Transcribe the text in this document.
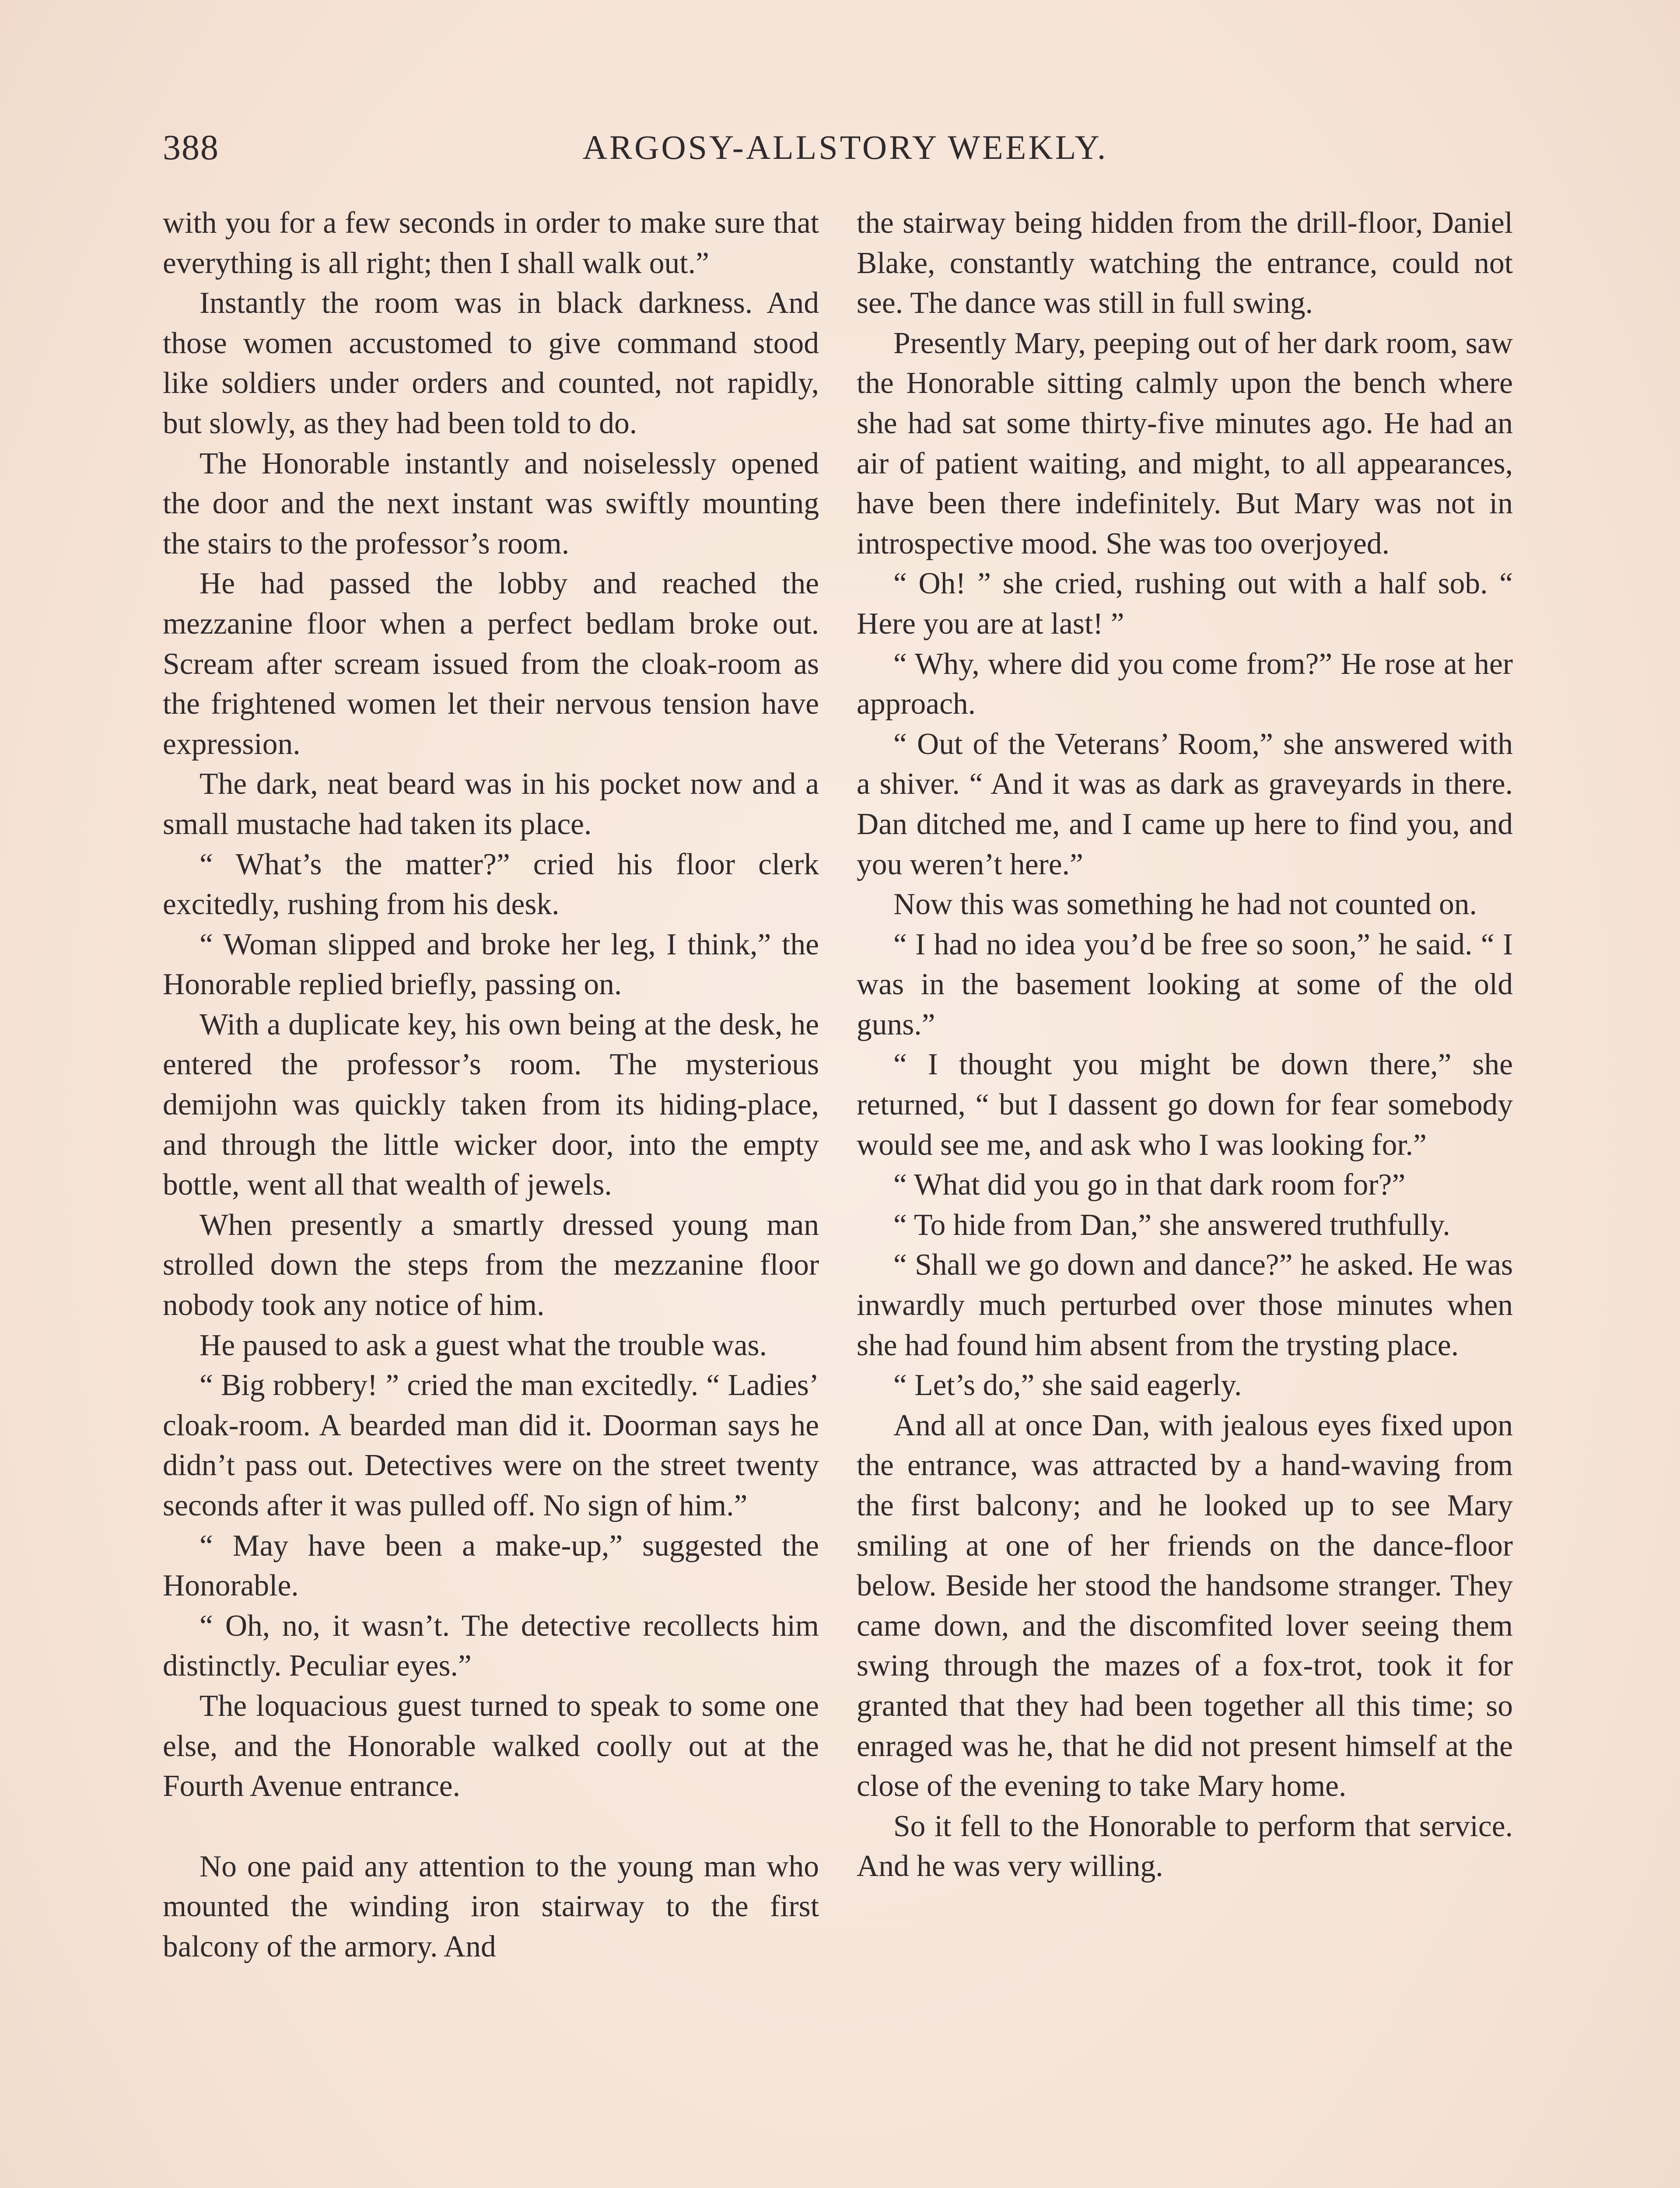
388	ARGOSY-ALLSTORY WEEKLY.

with you for a few seconds in order to make sure that everything is all right; then I shall walk out.”

Instantly the room was in black darkness. And those women accustomed to give command stood like soldiers under orders and counted, not rapidly, but slowly, as they had been told to do.

The Honorable instantly and noiselessly opened the door and the next instant was swiftly mounting the stairs to the professor’s room.

He had passed the lobby and reached the mezzanine floor when a perfect bedlam broke out. Scream after scream issued from the cloak-room as the frightened women let their nervous tension have expression.

The dark, neat beard was in his pocket now and a small mustache had taken its place.

“ What’s the matter?” cried his floor clerk excitedly, rushing from his desk.

“ Woman slipped and broke her leg, I think,” the Honorable replied briefly, passing on.

With a duplicate key, his own being at the desk, he entered the professor’s room. The mysterious demijohn was quickly taken from its hiding-place, and through the little wicker door, into the empty bottle, went all that wealth of jewels.

When presently a smartly dressed young man strolled down the steps from the mezzanine floor nobody took any notice of him.

He paused to ask a guest what the trouble was.

“ Big robbery! ” cried the man excitedly. “ Ladies’ cloak-room. A bearded man did it. Doorman says he didn’t pass out. Detectives were on the street twenty seconds after it was pulled off. No sign of him.”

“ May have been a make-up,” suggested the Honorable.

“ Oh, no, it wasn’t. The detective recollects him distinctly. Peculiar eyes.”

The loquacious guest turned to speak to some one else, and the Honorable walked coolly out at the Fourth Avenue entrance.

No one paid any attention to the young man who mounted the winding iron stairway to the first balcony of the armory. And

the stairway being hidden from the drill-floor, Daniel Blake, constantly watching the entrance, could not see. The dance was still in full swing.

Presently Mary, peeping out of her dark room, saw the Honorable sitting calmly upon the bench where she had sat some thirty-five minutes ago. He had an air of patient waiting, and might, to all appearances, have been there indefinitely. But Mary was not in introspective mood. She was too overjoyed.

“ Oh! ” she cried, rushing out with a half sob. “ Here you are at last! ”

“ Why, where did you come from?” He rose at her approach.

“ Out of the Veterans’ Room,” she answered with a shiver. “ And it was as dark as graveyards in there. Dan ditched me, and I came up here to find you, and you weren’t here.”

Now this was something he had not counted on.

“ I had no idea you’d be free so soon,” he said. “ I was in the basement looking at some of the old guns.”

“ I thought you might be down there,” she returned, “ but I dassent go down for fear somebody would see me, and ask who I was looking for.”

“ What did you go in that dark room for?”

“ To hide from Dan,” she answered truthfully.

“ Shall we go down and dance?” he asked. He was inwardly much perturbed over those minutes when she had found him absent from the trysting place.

“ Let’s do,” she said eagerly.

And all at once Dan, with jealous eyes fixed upon the entrance, was attracted by a hand-waving from the first balcony; and he looked up to see Mary smiling at one of her friends on the dance-floor below. Beside her stood the handsome stranger. They came down, and the discomfited lover seeing them swing through the mazes of a fox-trot, took it for granted that they had been together all this time; so enraged was he, that he did not present himself at the close of the evening to take Mary home.

So it fell to the Honorable to perform that service. And he was very willing.
